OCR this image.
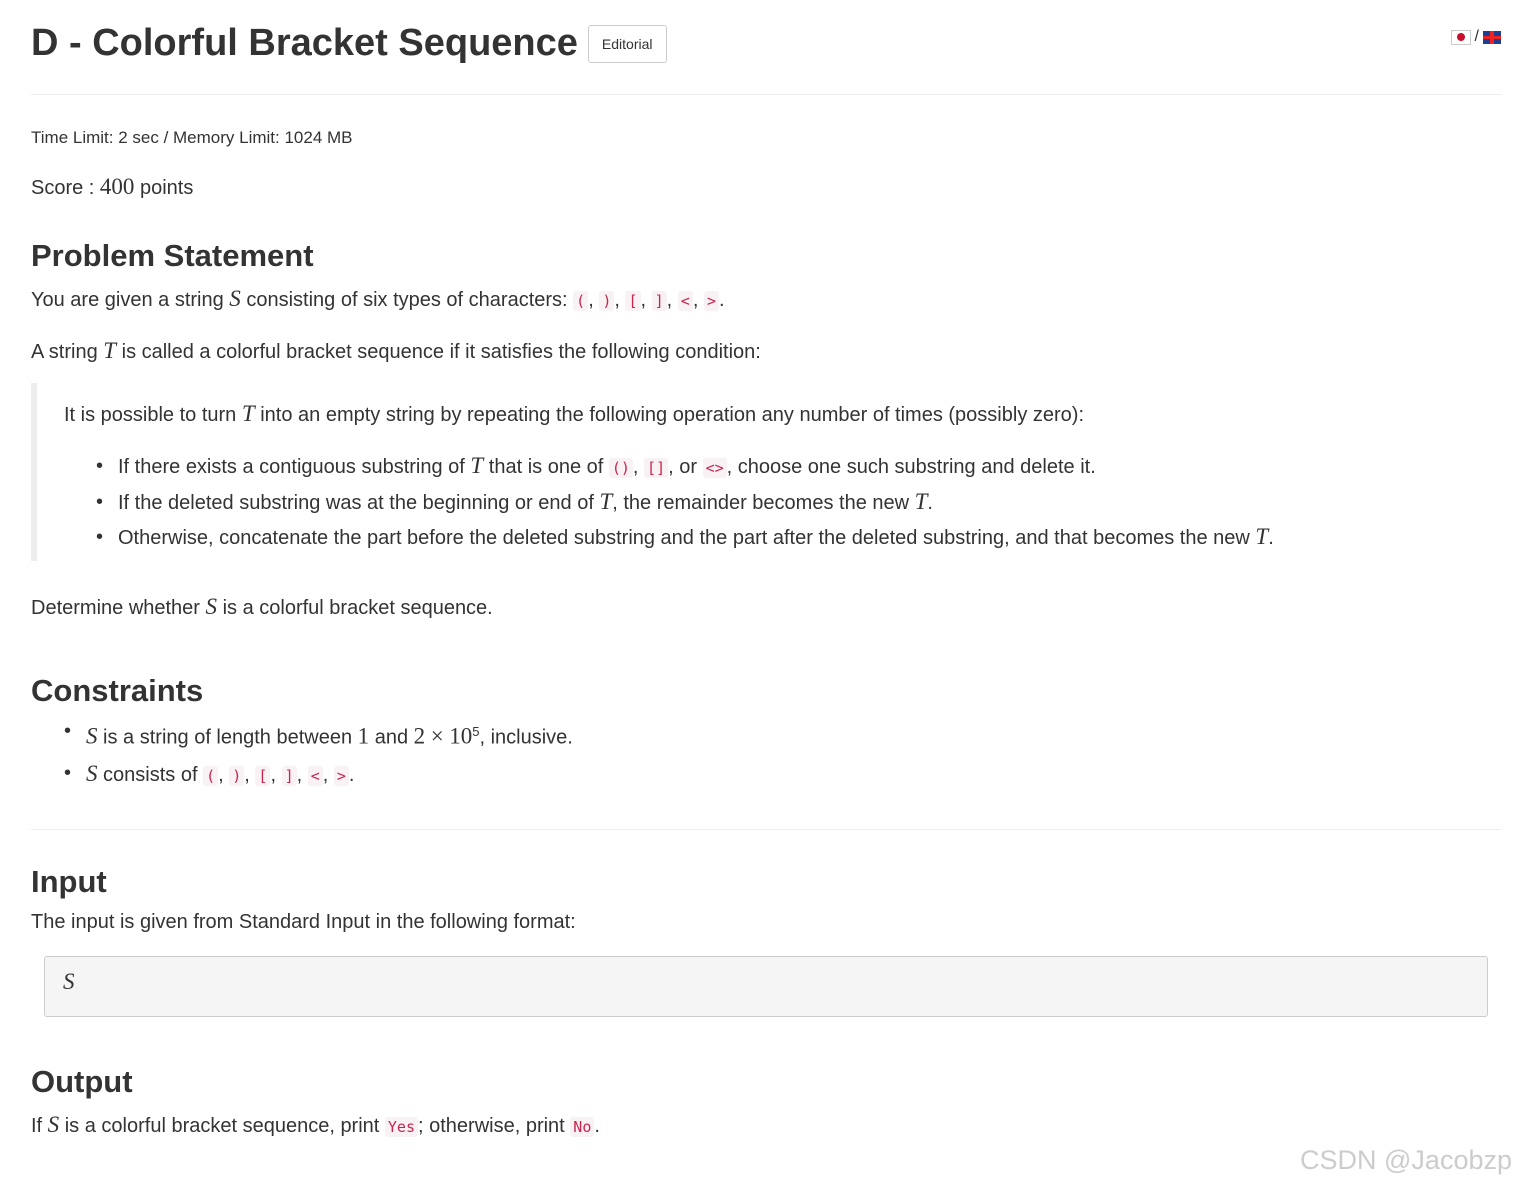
D - Colorful Bracket Sequence	Editorial	/
Time Limit: 2 sec / Memory Limit: 1024 MB
Score : 400 points
Problem Statement
You are given a string S consisting of six types of characters: ( , ) , [ , ] , < , > .
A string T is called a colorful bracket sequence if it satisfies the following condition:
It is possible to turn T into an empty string by repeating the following operation any number of times (possibly zero):
• If there exists a contiguous substring of T that is one of () , [] , or <> , choose one such substring and delete it.
• If the deleted substring was at the beginning or end of T, the remainder becomes the new T.
• Otherwise, concatenate the part before the deleted substring and the part after the deleted substring, and that becomes the new T.
Determine whether S is a colorful bracket sequence.
Constraints
• S is a string of length between 1 and $2 \times 10^5$, inclusive.
• S consists of ( , ) , [ , ] , < , > .
Input
The input is given from Standard Input in the following format:
S
Output
If S is a colorful bracket sequence, print Yes ; otherwise, print No .
CSDN @Jacobzp
